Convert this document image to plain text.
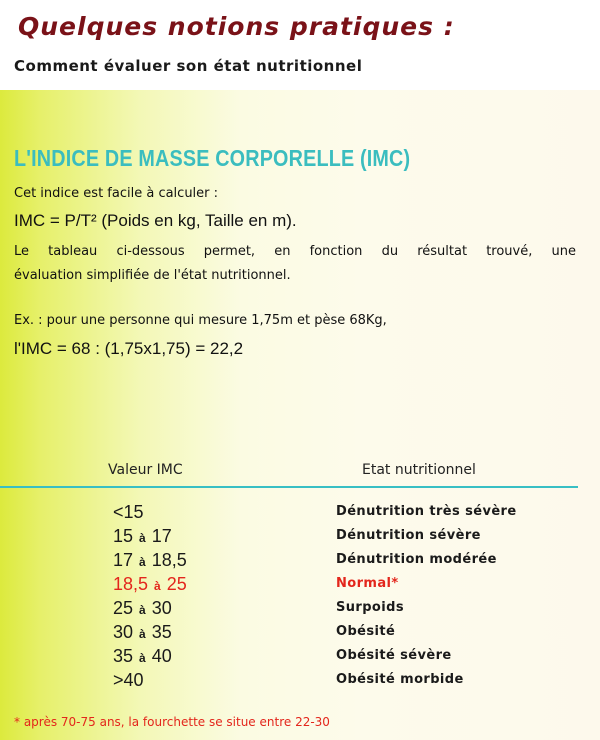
Quelques notions pratiques :

Comment évaluer son état nutritionnel

L'INDICE DE MASSE CORPORELLE (IMC)

Cet indice est facile à calculer :

IMC = P/T² (Poids en kg, Taille en m).

Le tableau ci-dessous permet, en fonction du résultat trouvé, une

évaluation simplifiée de l'état nutritionnel.

Ex. : pour une personne qui mesure 1,75m et pèse 68Kg,

l'IMC = 68 : (1,75x1,75) = 22,2

Valeur IMC	Etat nutritionnel
<15	Dénutrition très sévère
15 à 17	Dénutrition sévère
17 à 18,5	Dénutrition modérée
18,5 à 25	Normal*
25 à 30	Surpoids
30 à 35	Obésité
35 à 40	Obésité sévère
>40	Obésité morbide
* après 70-75 ans, la fourchette se situe entre 22-30
